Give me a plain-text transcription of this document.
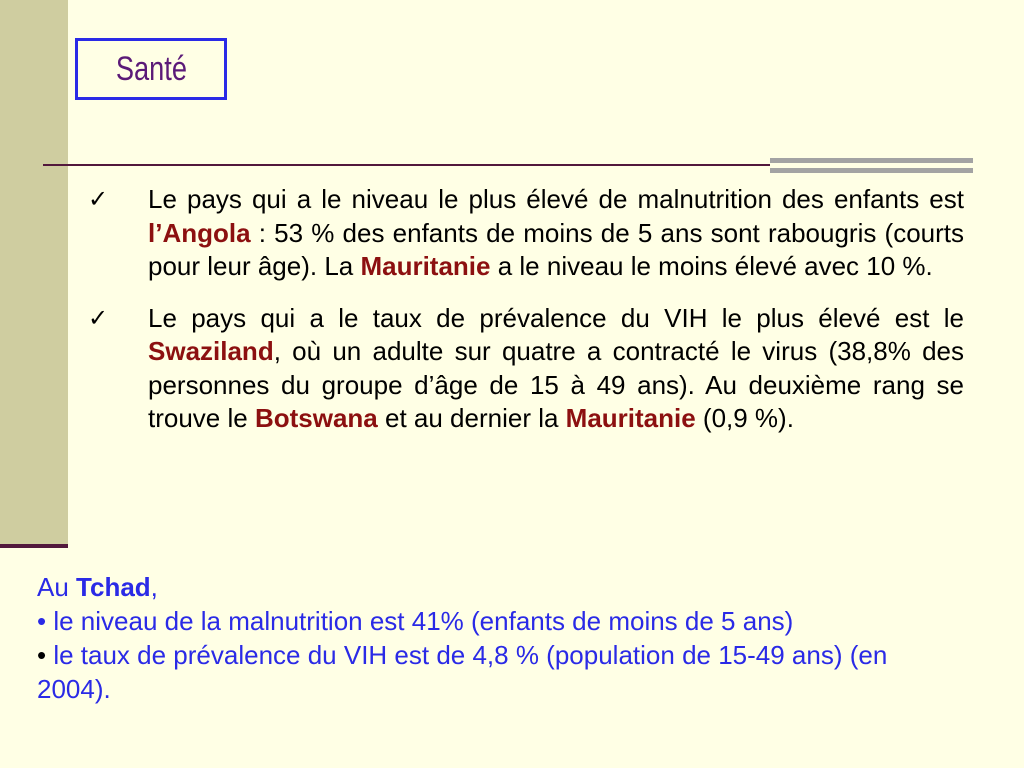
Santé
✓ Le pays qui a le niveau le plus élevé de malnutrition des enfants est l’Angola : 53 % des enfants de moins de 5 ans sont rabougris (courts pour leur âge). La Mauritanie a le niveau le moins élevé avec 10 %.
✓ Le pays qui a le taux de prévalence du VIH le plus élevé est le Swaziland, où un adulte sur quatre a contracté le virus (38,8% des personnes du groupe d’âge de 15 à 49 ans). Au deuxième rang se trouve le Botswana et au dernier la Mauritanie (0,9 %).
Au Tchad,
• le niveau de la malnutrition est 41% (enfants de moins de 5 ans)
• le taux de prévalence du VIH est de 4,8 % (population de 15-49 ans) (en 2004).
